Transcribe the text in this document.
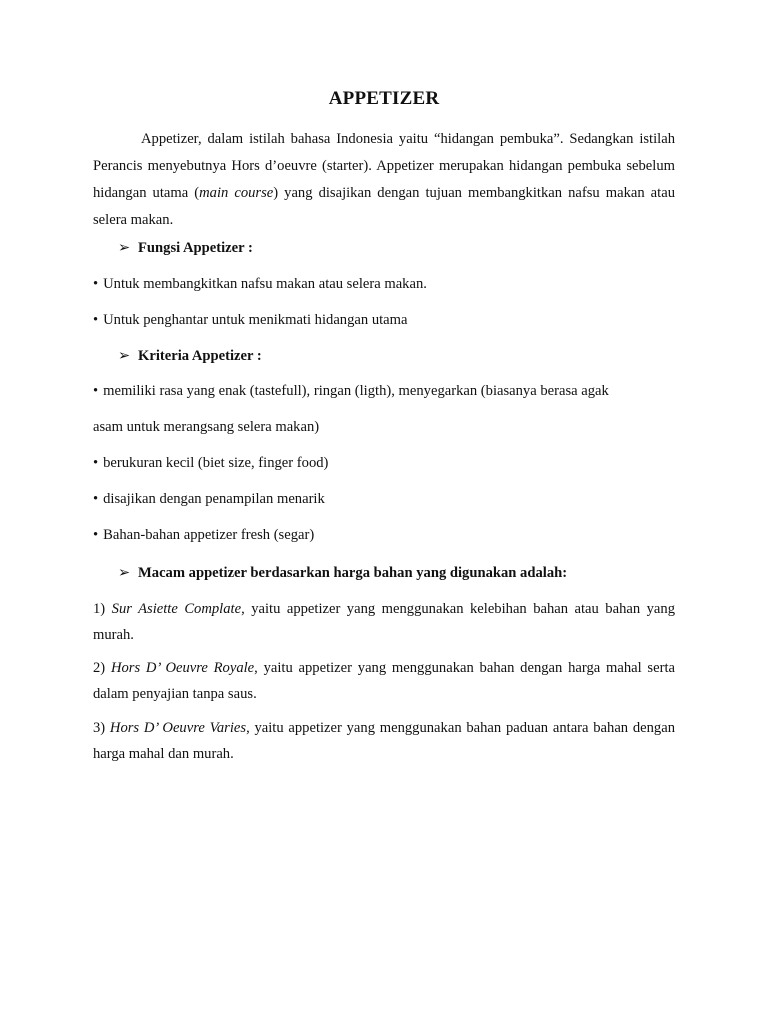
APPETIZER

Appetizer, dalam istilah bahasa Indonesia yaitu “hidangan pembuka”. Sedangkan istilah Perancis menyebutnya Hors d’oeuvre (starter). Appetizer merupakan hidangan pembuka sebelum hidangan utama (main course) yang disajikan dengan tujuan membangkitkan nafsu makan atau selera makan.

➢ Fungsi Appetizer :

• Untuk membangkitkan nafsu makan atau selera makan.

• Untuk penghantar untuk menikmati hidangan utama

➢ Kriteria Appetizer :

• memiliki rasa yang enak (tastefull), ringan (ligth), menyegarkan (biasanya berasa agak

asam untuk merangsang selera makan)

• berukuran kecil (biet size, finger food)

• disajikan dengan penampilan menarik

• Bahan-bahan appetizer fresh (segar)

➢ Macam appetizer berdasarkan harga bahan yang digunakan adalah:

1) Sur Asiette Complate, yaitu appetizer yang menggunakan kelebihan bahan atau bahan yang murah.

2) Hors D’ Oeuvre Royale, yaitu appetizer yang menggunakan bahan dengan harga mahal serta dalam penyajian tanpa saus.

3) Hors D’ Oeuvre Varies, yaitu appetizer yang menggunakan bahan paduan antara bahan dengan harga mahal dan murah.
